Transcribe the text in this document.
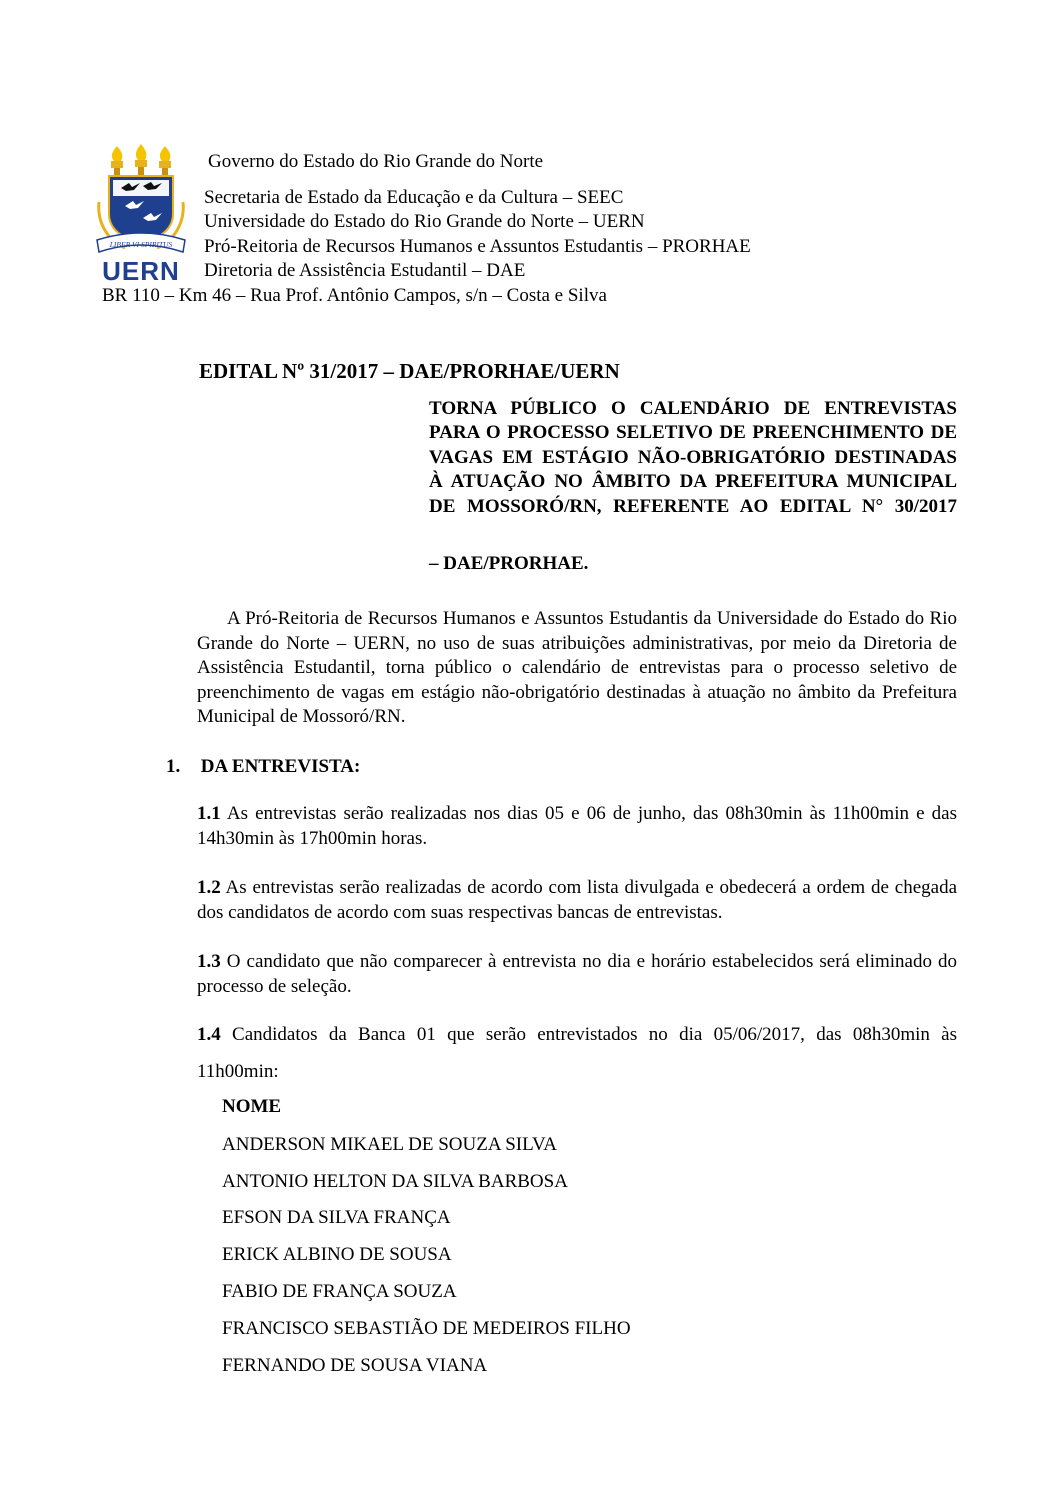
LIBER VI SPIRITUS
UERN
Governo do Estado do Rio Grande do Norte
Secretaria de Estado da Educação e da Cultura – SEEC
Universidade do Estado do Rio Grande do Norte – UERN
Pró-Reitoria de Recursos Humanos e Assuntos Estudantis – PRORHAE
Diretoria de Assistência Estudantil – DAE
BR 110 – Km 46 – Rua Prof. Antônio Campos, s/n – Costa e Silva
EDITAL Nº 31/2017 – DAE/PRORHAE/UERN
TORNA PÚBLICO O CALENDÁRIO DE ENTREVISTAS PARA O PROCESSO SELETIVO DE PREENCHIMENTO DE VAGAS EM ESTÁGIO NÃO-OBRIGATÓRIO DESTINADAS À ATUAÇÃO NO ÂMBITO DA PREFEITURA MUNICIPAL DE MOSSORÓ/RN, REFERENTE AO EDITAL N° 30/2017
– DAE/PRORHAE.
A Pró-Reitoria de Recursos Humanos e Assuntos Estudantis da Universidade do Estado do Rio Grande do Norte – UERN, no uso de suas atribuições administrativas, por meio da Diretoria de Assistência Estudantil, torna público o calendário de entrevistas para o processo seletivo de preenchimento de vagas em estágio não-obrigatório destinadas à atuação no âmbito da Prefeitura Municipal de Mossoró/RN.
1. DA ENTREVISTA:
1.1 As entrevistas serão realizadas nos dias 05 e 06 de junho, das 08h30min às 11h00min e das 14h30min às 17h00min horas.
1.2 As entrevistas serão realizadas de acordo com lista divulgada e obedecerá a ordem de chegada dos candidatos de acordo com suas respectivas bancas de entrevistas.
1.3 O candidato que não comparecer à entrevista no dia e horário estabelecidos será eliminado do processo de seleção.
1.4 Candidatos da Banca 01 que serão entrevistados no dia 05/06/2017, das 08h30min às
11h00min:
NOME
ANDERSON MIKAEL DE SOUZA SILVA
ANTONIO HELTON DA SILVA BARBOSA
EFSON DA SILVA FRANÇA
ERICK ALBINO DE SOUSA
FABIO DE FRANÇA SOUZA
FRANCISCO SEBASTIÃO DE MEDEIROS FILHO
FERNANDO DE SOUSA VIANA
